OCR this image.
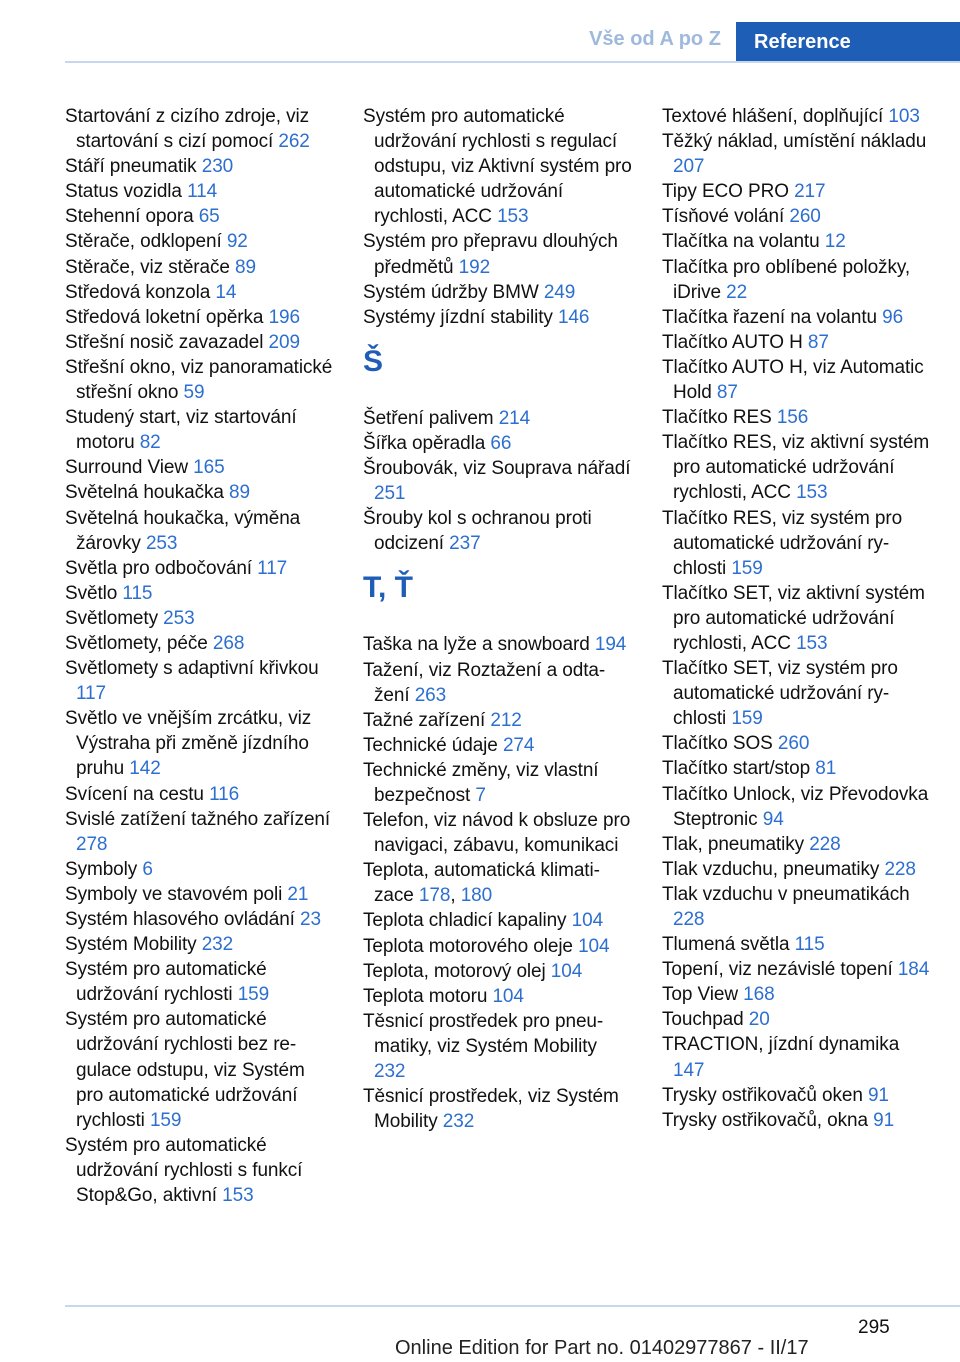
Vše od A po Z	Reference
Startování z cizího zdroje, viz startování s cizí pomocí 262
Stáří pneumatik 230
Status vozidla 114
Stehenní opora 65
Stěrače, odklopení 92
Stěrače, viz stěrače 89
Středová konzola 14
Středová loketní opěrka 196
Střešní nosič zavazadel 209
Střešní okno, viz panoramatické střešní okno 59
Studený start, viz startování motoru 82
Surround View 165
Světelná houkačka 89
Světelná houkačka, výměna žárovky 253
Světla pro odbočování 117
Světlo 115
Světlomety 253
Světlomety, péče 268
Světlomety s adaptivní křivkou 117
Světlo ve vnějším zrcátku, viz Výstraha při změně jízdního pruhu 142
Svícení na cestu 116
Svislé zatížení tažného zařízení 278
Symboly 6
Symboly ve stavovém poli 21
Systém hlasového ovládání 23
Systém Mobility 232
Systém pro automatické udržování rychlosti 159
Systém pro automatické udržování rychlosti bez regulace odstupu, viz Systém pro automatické udržování rychlosti 159
Systém pro automatické udržování rychlosti s funkcí Stop&Go, aktivní 153
Systém pro automatické udržování rychlosti s regulací odstupu, viz Aktivní systém pro automatické udržování rychlosti, ACC 153
Systém pro přepravu dlouhých předmětů 192
Systém údržby BMW 249
Systémy jízdní stability 146
Š
Šetření palivem 214
Šířka opěradla 66
Šroubovák, viz Souprava nářadí 251
Šrouby kol s ochranou proti odcizení 237
T, Ť
Taška na lyže a snowboard 194
Tažení, viz Roztažení a odtažení 263
Tažné zařízení 212
Technické údaje 274
Technické změny, viz vlastní bezpečnost 7
Telefon, viz návod k obsluze pro navigaci, zábavu, komunikaci
Teplota, automatická klimatizace 178, 180
Teplota chladicí kapaliny 104
Teplota motorového oleje 104
Teplota, motorový olej 104
Teplota motoru 104
Těsnicí prostředek pro pneumatiky, viz Systém Mobility 232
Těsnicí prostředek, viz Systém Mobility 232
Textové hlášení, doplňující 103
Těžký náklad, umístění nákladu 207
Tipy ECO PRO 217
Tísňové volání 260
Tlačítka na volantu 12
Tlačítka pro oblíbené položky, iDrive 22
Tlačítka řazení na volantu 96
Tlačítko AUTO H 87
Tlačítko AUTO H, viz Automatic Hold 87
Tlačítko RES 156
Tlačítko RES, viz aktivní systém pro automatické udržování rychlosti, ACC 153
Tlačítko RES, viz systém pro automatické udržování rychlosti 159
Tlačítko SET, viz aktivní systém pro automatické udržování rychlosti, ACC 153
Tlačítko SET, viz systém pro automatické udržování rychlosti 159
Tlačítko SOS 260
Tlačítko start/stop 81
Tlačítko Unlock, viz Převodovka Steptronic 94
Tlak, pneumatiky 228
Tlak vzduchu, pneumatiky 228
Tlak vzduchu v pneumatikách 228
Tlumená světla 115
Topení, viz nezávislé topení 184
Top View 168
Touchpad 20
TRACTION, jízdní dynamika 147
Trysky ostřikovačů oken 91
Trysky ostřikovačů, okna 91
295
Online Edition for Part no. 01402977867 - II/17
